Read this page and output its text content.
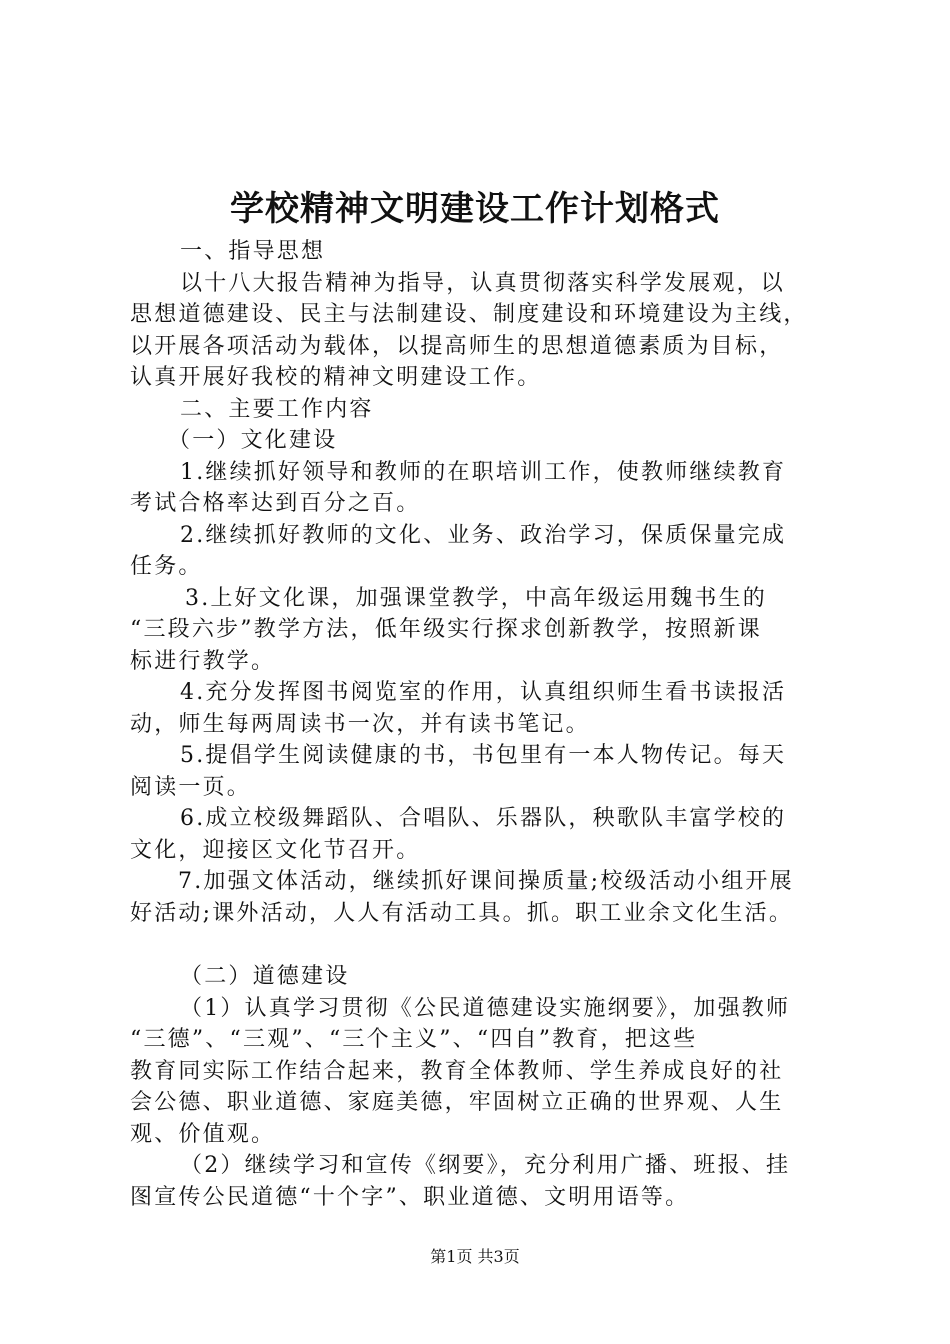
学校精神文明建设工作计划格式
一、指导思想
以十八大报告精神为指导，认真贯彻落实科学发展观，以
思想道德建设、民主与法制建设、制度建设和环境建设为主线，
以开展各项活动为载体，以提高师生的思想道德素质为目标，
认真开展好我校的精神文明建设工作。
二、主要工作内容
（一）文化建设
1.继续抓好领导和教师的在职培训工作，使教师继续教育
考试合格率达到百分之百。
2.继续抓好教师的文化、业务、政治学习，保质保量完成
任务。
3.上好文化课，加强课堂教学，中高年级运用魏书生的
“三段六步”教学方法，低年级实行探求创新教学，按照新课
标进行教学。
4.充分发挥图书阅览室的作用，认真组织师生看书读报活
动，师生每两周读书一次，并有读书笔记。
5.提倡学生阅读健康的书，书包里有一本人物传记。每天
阅读一页。
6.成立校级舞蹈队、合唱队、乐器队，秧歌队丰富学校的
文化，迎接区文化节召开。
7.加强文体活动，继续抓好课间操质量;校级活动小组开展
好活动;课外活动，人人有活动工具。抓。职工业余文化生活。
（二）道德建设
（1）认真学习贯彻《公民道德建设实施纲要》，加强教师
“三德”、“三观”、“三个主义”、“四自”教育，把这些
教育同实际工作结合起来，教育全体教师、学生养成良好的社
会公德、职业道德、家庭美德，牢固树立正确的世界观、人生
观、价值观。
（2）继续学习和宣传《纲要》，充分利用广播、班报、挂
图宣传公民道德“十个字”、职业道德、文明用语等。
第1页 共3页
